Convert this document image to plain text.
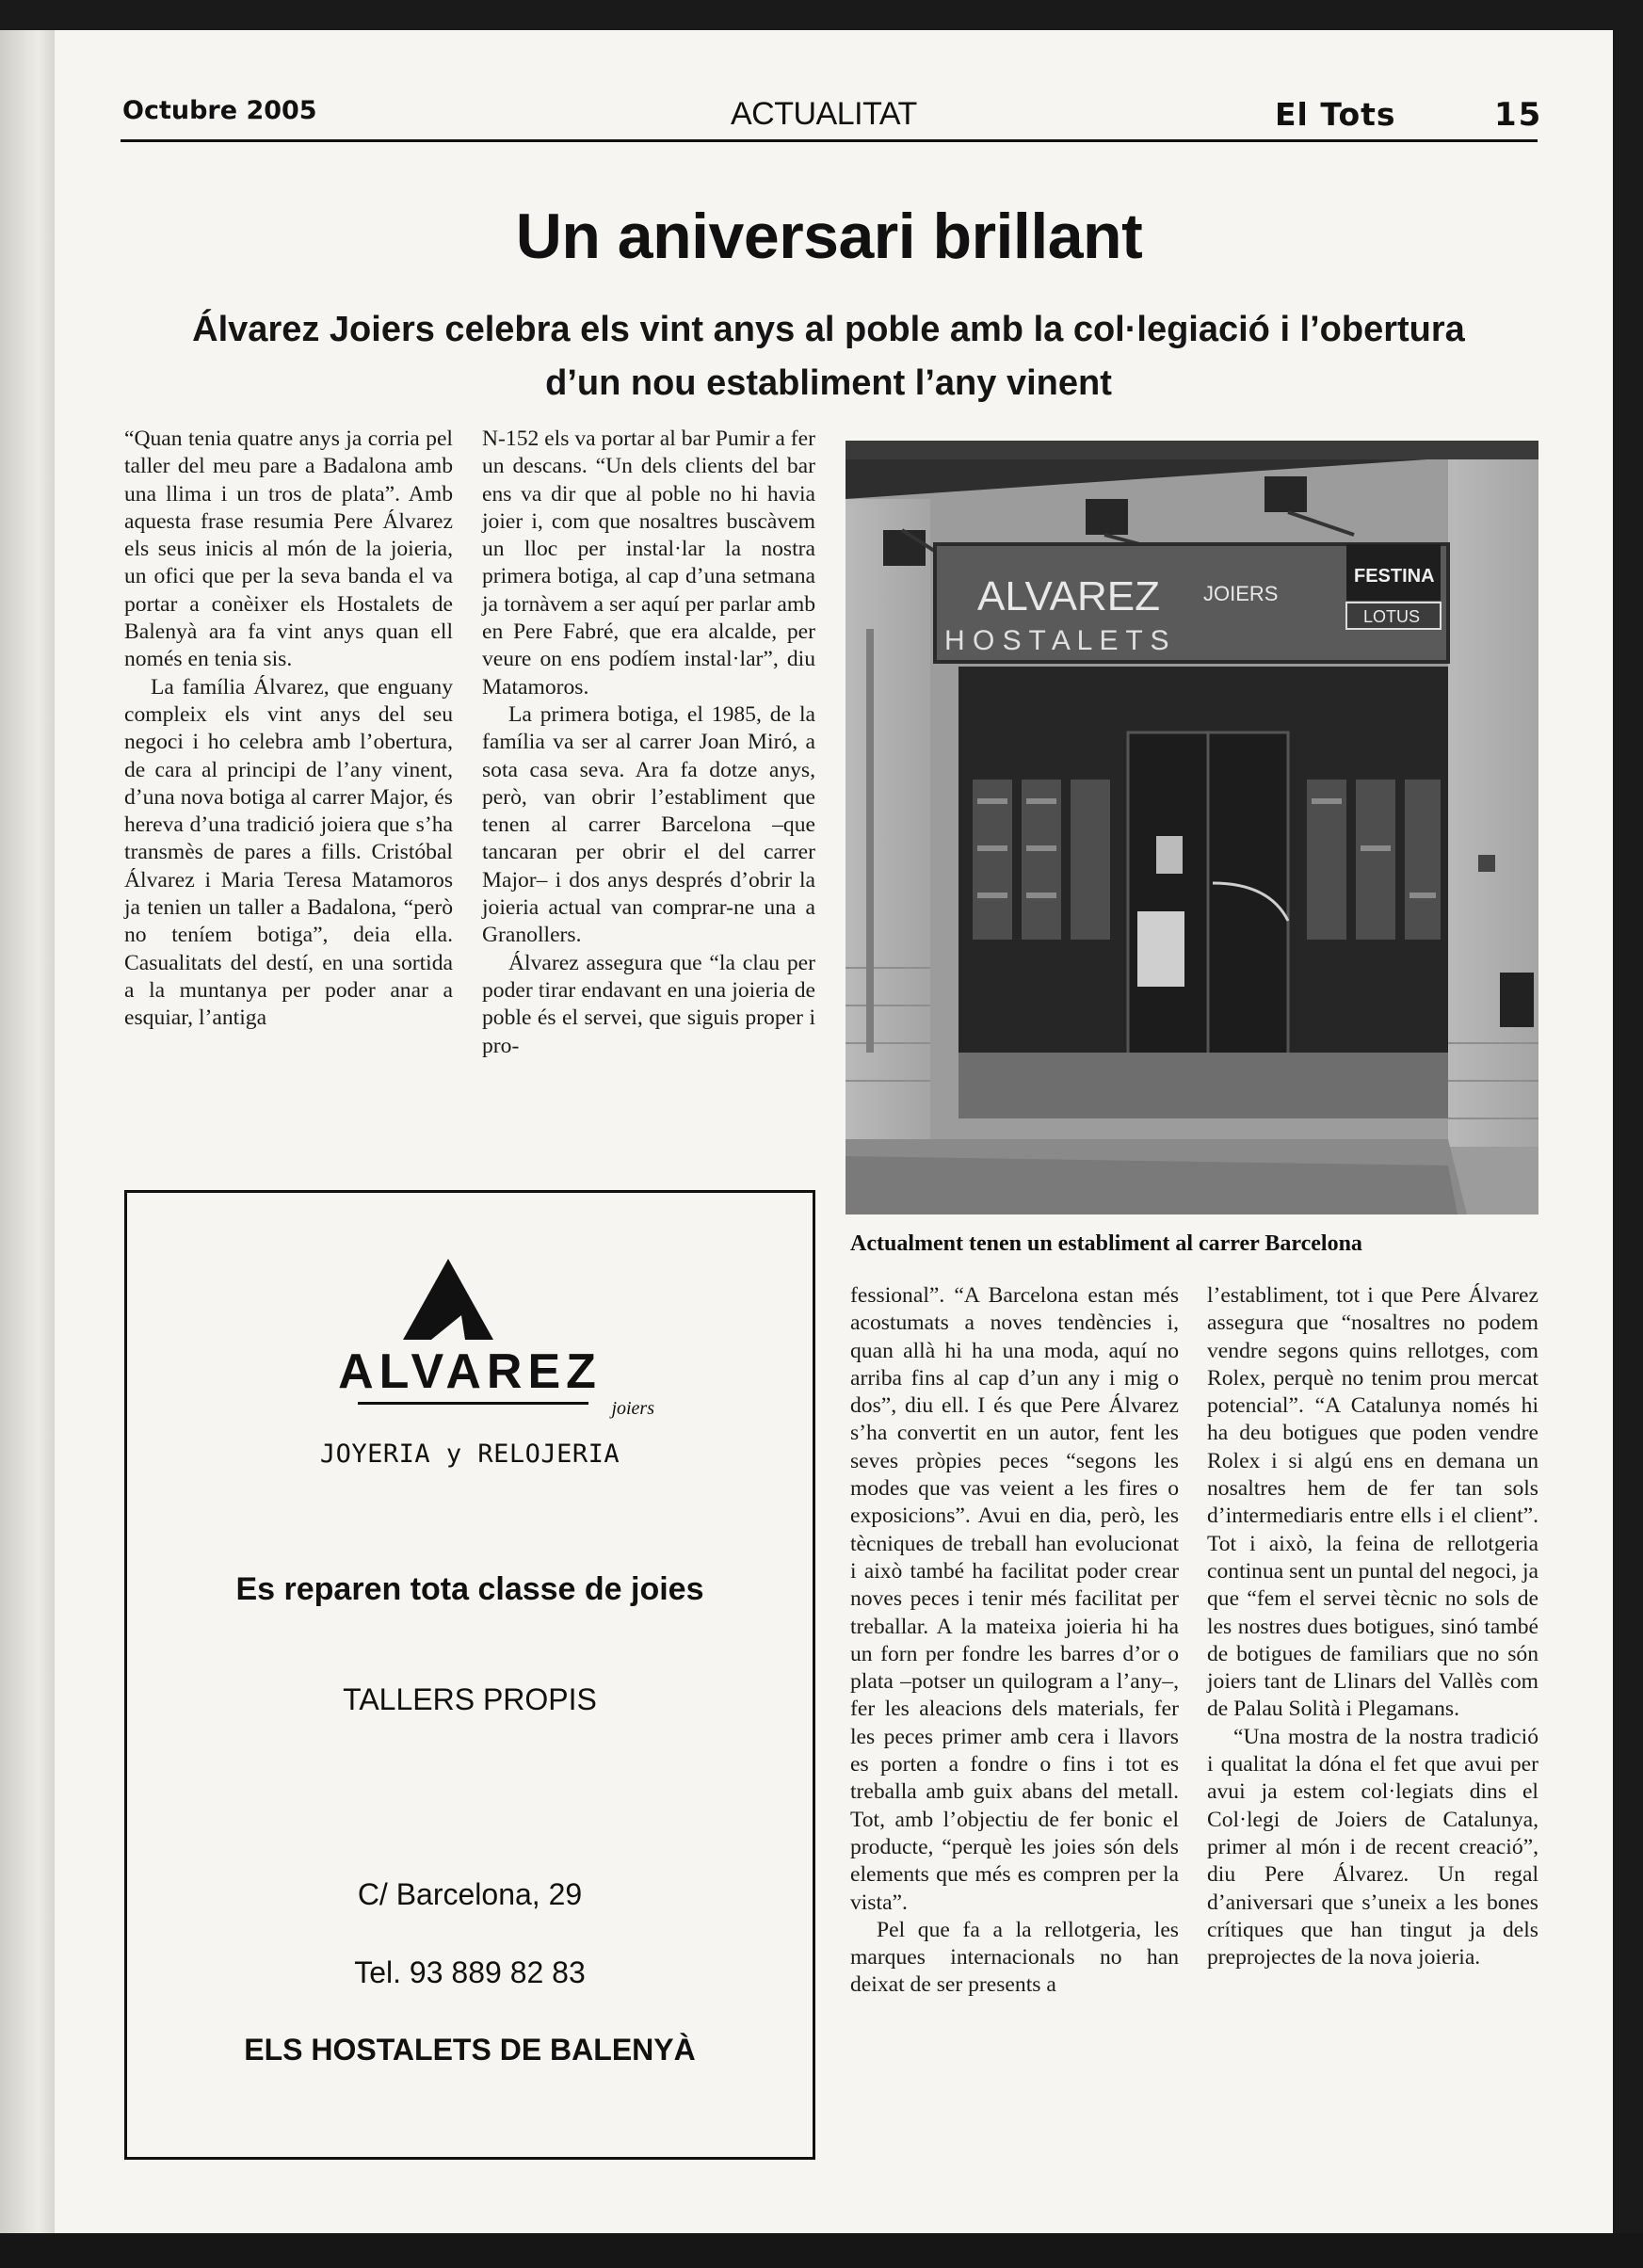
Octubre 2005	ACTUALITAT	El Tots	15
Un aniversari brillant
Álvarez Joiers celebra els vint anys al poble amb la col·legiació i l’obertura d’un nou establiment l’any vinent

“Quan tenia quatre anys ja corria pel taller del meu pare a Badalona amb una llima i un tros de plata”. Amb aquesta frase resumia Pere Álvarez els seus inicis al món de la joieria, un ofici que per la seva banda el va portar a conèixer els Hostalets de Balenyà ara fa vint anys quan ell només en tenia sis.

La família Álvarez, que enguany compleix els vint anys del seu negoci i ho celebra amb l’obertura, de cara al principi de l’any vinent, d’una nova botiga al carrer Major, és hereva d’una tradició joiera que s’ha transmès de pares a fills. Cristóbal Álvarez i Maria Teresa Matamoros ja tenien un taller a Badalona, “però no teníem botiga”, deia ella. Casualitats del destí, en una sortida a la muntanya per poder anar a esquiar, l’antiga

N-152 els va portar al bar Pumir a fer un descans. “Un dels clients del bar ens va dir que al poble no hi havia joier i, com que nosaltres buscàvem un lloc per instal·lar la nostra primera botiga, al cap d’una setmana ja tornàvem a ser aquí per parlar amb en Pere Fabré, que era alcalde, per veure on ens podíem instal·lar”, diu Matamoros.

La primera botiga, el 1985, de la família va ser al carrer Joan Miró, a sota casa seva. Ara fa dotze anys, però, van obrir l’establiment que tenen al carrer Barcelona –que tancaran per obrir el del carrer Major– i dos anys després d’obrir la joieria actual van comprar-ne una a Granollers.

Álvarez assegura que “la clau per poder tirar endavant en una joieria de poble és el servei, que siguis proper i pro-

ALVAREZ JOIERS
H O S T A L E T S
FESTINA
LOTUS
Actualment tenen un establiment al carrer Barcelona

fessional”. “A Barcelona estan més acostumats a noves tendències i, quan allà hi ha una moda, aquí no arriba fins al cap d’un any i mig o dos”, diu ell. I és que Pere Álvarez s’ha convertit en un autor, fent les seves pròpies peces “segons les modes que vas veient a les fires o exposicions”. Avui en dia, però, les tècniques de treball han evolucionat i això també ha facilitat poder crear noves peces i tenir més facilitat per treballar. A la mateixa joieria hi ha un forn per fondre les barres d’or o plata –potser un quilogram a l’any–, fer les aleacions dels materials, fer les peces primer amb cera i llavors es porten a fondre o fins i tot es treballa amb guix abans del metall. Tot, amb l’objectiu de fer bonic el producte, “perquè les joies són dels elements que més es compren per la vista”.

Pel que fa a la rellotgeria, les marques internacionals no han deixat de ser presents a

l’establiment, tot i que Pere Álvarez assegura que “nosaltres no podem vendre segons quins rellotges, com Rolex, perquè no tenim prou mercat potencial”. “A Catalunya només hi ha deu botigues que poden vendre Rolex i si algú ens en demana un nosaltres hem de fer tan sols d’intermediaris entre ells i el client”. Tot i això, la feina de rellotgeria continua sent un puntal del negoci, ja que “fem el servei tècnic no sols de les nostres dues botigues, sinó també de botigues de familiars que no són joiers tant de Llinars del Vallès com de Palau Solità i Plegamans.

“Una mostra de la nostra tradició i qualitat la dóna el fet que avui per avui ja estem col·legiats dins el Col·legi de Joiers de Catalunya, primer al món i de recent creació”, diu Pere Álvarez. Un regal d’aniversari que s’uneix a les bones crítiques que han tingut ja dels preprojectes de la nova joieria.

ALVAREZ
joiers
JOYERIA y RELOJERIA
Es reparen tota classe de joies
TALLERS PROPIS
C/ Barcelona, 29
Tel. 93 889 82 83
ELS HOSTALETS DE BALENYÀ
